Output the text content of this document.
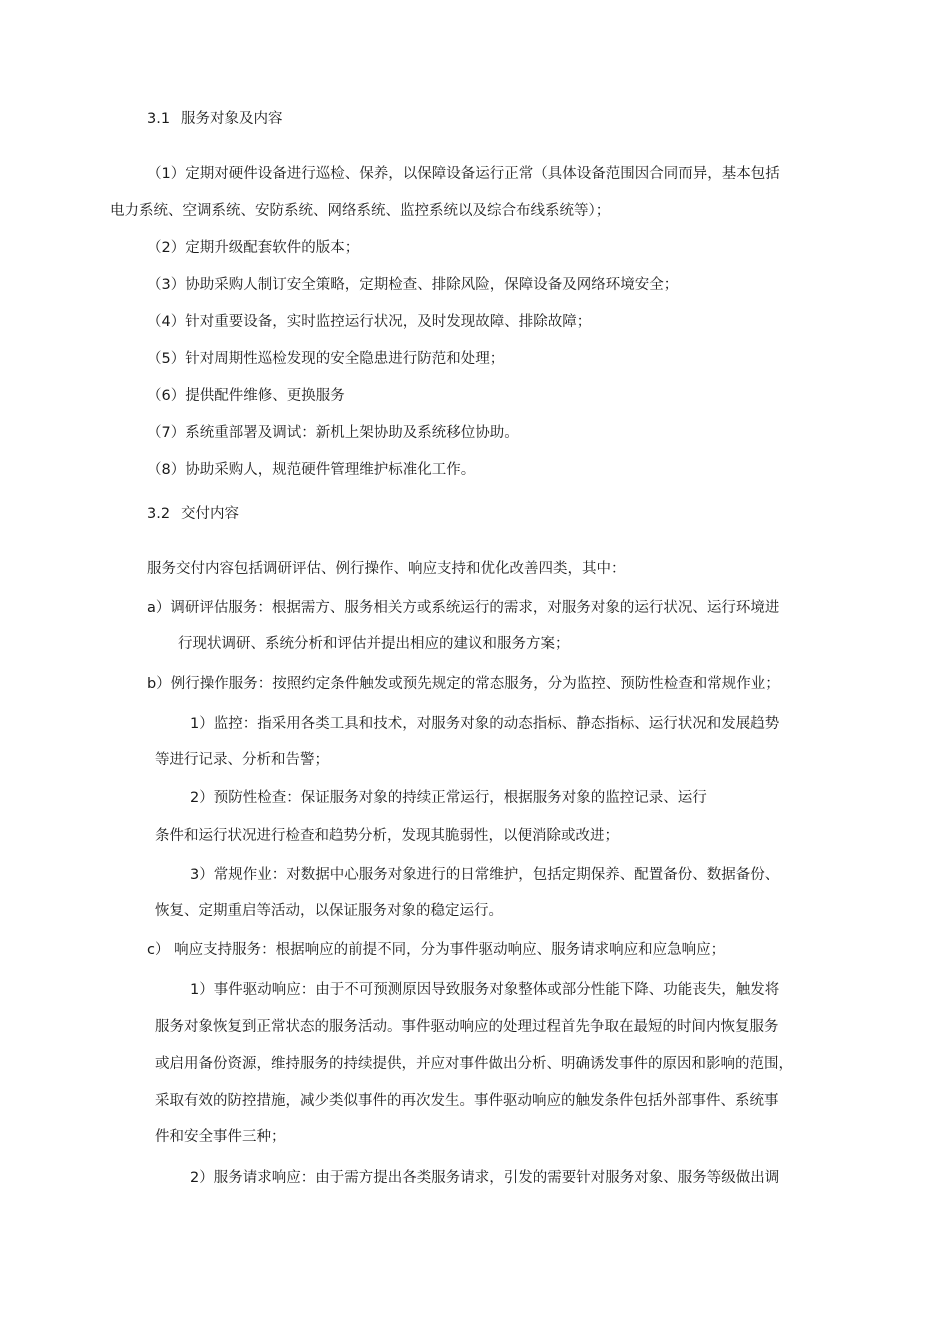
3.1 服务对象及内容
（1）定期对硬件设备进行巡检、保养，以保障设备运行正常（具体设备范围因合同而异，基本包括
电力系统、空调系统、安防系统、网络系统、监控系统以及综合布线系统等）；
（2）定期升级配套软件的版本；
（3）协助采购人制订安全策略，定期检查、排除风险，保障设备及网络环境安全；
（4）针对重要设备，实时监控运行状况，及时发现故障、排除故障；
（5）针对周期性巡检发现的安全隐患进行防范和处理；
（6）提供配件维修、更换服务
（7）系统重部署及调试：新机上架协助及系统移位协助。
（8）协助采购人，规范硬件管理维护标准化工作。
3.2 交付内容
服务交付内容包括调研评估、例行操作、响应支持和优化改善四类，其中：
a）调研评估服务：根据需方、服务相关方或系统运行的需求，对服务对象的运行状况、运行环境进
行现状调研、系统分析和评估并提出相应的建议和服务方案；
b）例行操作服务：按照约定条件触发或预先规定的常态服务，分为监控、预防性检查和常规作业；
1）监控：指采用各类工具和技术，对服务对象的动态指标、静态指标、运行状况和发展趋势
等进行记录、分析和告警；
2）预防性检查：保证服务对象的持续正常运行，根据服务对象的监控记录、运行
条件和运行状况进行检查和趋势分析，发现其脆弱性，以便消除或改进；
3）常规作业：对数据中心服务对象进行的日常维护，包括定期保养、配置备份、数据备份、
恢复、定期重启等活动，以保证服务对象的稳定运行。
c） 响应支持服务：根据响应的前提不同，分为事件驱动响应、服务请求响应和应急响应；
1）事件驱动响应：由于不可预测原因导致服务对象整体或部分性能下降、功能丧失，触发将
服务对象恢复到正常状态的服务活动。事件驱动响应的处理过程首先争取在最短的时间内恢复服务
或启用备份资源，维持服务的持续提供，并应对事件做出分析、明确诱发事件的原因和影响的范围，
采取有效的防控措施，减少类似事件的再次发生。事件驱动响应的触发条件包括外部事件、系统事
件和安全事件三种；
2）服务请求响应：由于需方提出各类服务请求，引发的需要针对服务对象、服务等级做出调
